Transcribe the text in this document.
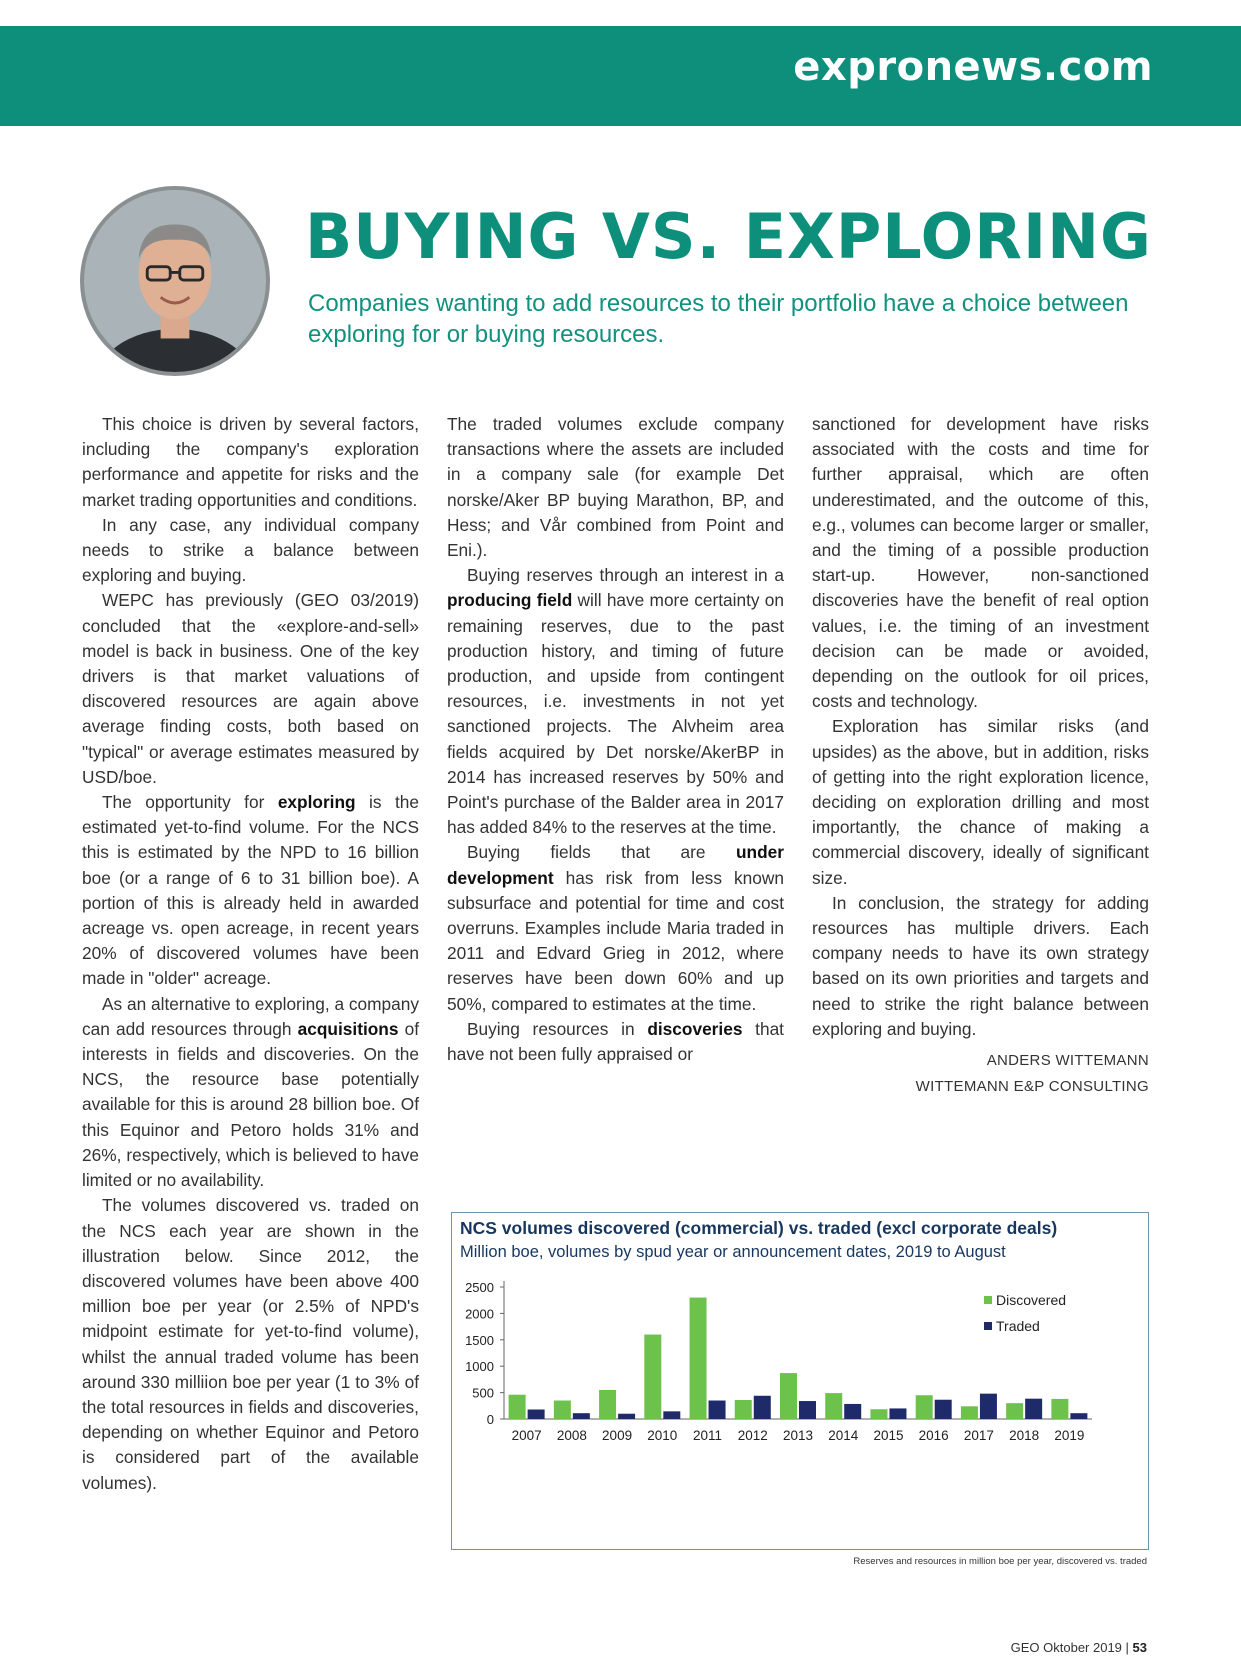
expronews.com
BUYING VS. EXPLORING
Companies wanting to add resources to their portfolio have a choice between exploring for or buying resources.

This choice is driven by several factors, including the company's exploration performance and appetite for risks and the market trading opportunities and conditions.

In any case, any individual company needs to strike a balance between exploring and buying.

WEPC has previously (GEO 03/2019) concluded that the «explore-and-sell» model is back in business. One of the key drivers is that market valuations of discovered resources are again above average finding costs, both based on "typical" or average estimates measured by USD/boe.

The opportunity for exploring is the estimated yet-to-find volume. For the NCS this is estimated by the NPD to 16 billion boe (or a range of 6 to 31 billion boe). A portion of this is already held in awarded acreage vs. open acreage, in recent years 20% of discovered volumes have been made in "older" acreage.

As an alternative to exploring, a company can add resources through acquisitions of interests in fields and discoveries. On the NCS, the resource base potentially available for this is around 28 billion boe. Of this Equinor and Petoro holds 31% and 26%, respectively, which is believed to have limited or no availability.

The volumes discovered vs. traded on the NCS each year are shown in the illustration below. Since 2012, the discovered volumes have been above 400 million boe per year (or 2.5% of NPD's midpoint estimate for yet-to-find volume), whilst the annual traded volume has been around 330 milliion boe per year (1 to 3% of the total resources in fields and discoveries, depending on whether Equinor and Petoro is considered part of the available volumes).

The traded volumes exclude company transactions where the assets are included in a company sale (for example Det norske/Aker BP buying Marathon, BP, and Hess; and Vår combined from Point and Eni.).

Buying reserves through an interest in a producing field will have more certainty on remaining reserves, due to the past production history, and timing of future production, and upside from contingent resources, i.e. investments in not yet sanctioned projects. The Alvheim area fields acquired by Det norske/AkerBP in 2014 has increased reserves by 50% and Point's purchase of the Balder area in 2017 has added 84% to the reserves at the time.

Buying fields that are under development has risk from less known subsurface and potential for time and cost overruns. Examples include Maria traded in 2011 and Edvard Grieg in 2012, where reserves have been down 60% and up 50%, compared to estimates at the time.

Buying resources in discoveries that have not been fully appraised or

sanctioned for development have risks associated with the costs and time for further appraisal, which are often underestimated, and the outcome of this, e.g., volumes can become larger or smaller, and the timing of a possible production start-up. However, non-sanctioned discoveries have the benefit of real option values, i.e. the timing of an investment decision can be made or avoided, depending on the outlook for oil prices, costs and technology.

Exploration has similar risks (and upsides) as the above, but in addition, risks of getting into the right exploration licence, deciding on exploration drilling and most importantly, the chance of making a commercial discovery, ideally of significant size.

In conclusion, the strategy for adding resources has multiple drivers. Each company needs to have its own strategy based on its own priorities and targets and need to strike the right balance between exploring and buying.

ANDERS WITTEMANN
WITTEMANN E&P CONSULTING
NCS volumes discovered (commercial) vs. traded (excl corporate deals)
Million boe, volumes by spud year or announcement dates, 2019 to August
0
500
1000
1500
2000
2500
2007 2008 2009 2010 2011 2012 2013 2014 2015 2016 2017 2018 2019
Discovered
Traded
Reserves and resources in million boe per year, discovered vs. traded
GEO Oktober 2019 | 53
